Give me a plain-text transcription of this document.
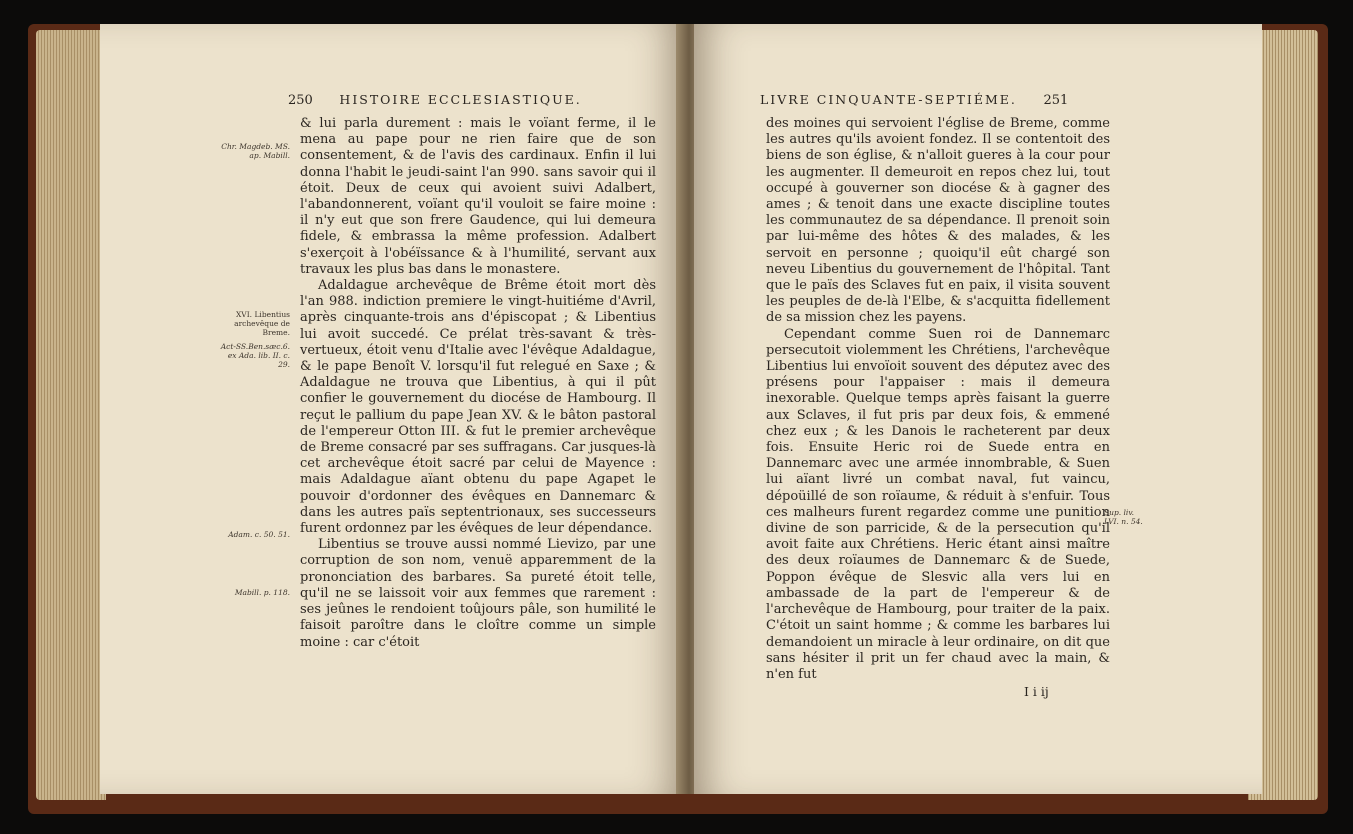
250 HISTOIRE ECCLESIASTIQUE.
Chr. Magdeb. MS. ap. Mabill.
XVI. Libentius archevêque de Breme.
Act-SS.Ben.sæc.6. ex Ada. lib. II. c. 29.
Adam. c. 50. 51.
Mabill. p. 118.

& lui parla durement : mais le voïant ferme, il le mena au pape pour ne rien faire que de son consentement, & de l'avis des cardinaux. Enfin il lui donna l'habit le jeudi-saint l'an 990. sans savoir qui il étoit. Deux de ceux qui avoient suivi Adalbert, l'abandonnerent, voïant qu'il vouloit se faire moine : il n'y eut que son frere Gaudence, qui lui demeura fidele, & embrassa la même profession. Adalbert s'exerçoit à l'obéïssance & à l'humilité, servant aux travaux les plus bas dans le monastere.

Adaldague archevêque de Brême étoit mort dès l'an 988. indiction premiere le vingt-huitiéme d'Avril, après cinquante-trois ans d'épiscopat ; & Libentius lui avoit succedé. Ce prélat très-savant & très-vertueux, étoit venu d'Italie avec l'évêque Adaldague, & le pape Benoît V. lorsqu'il fut relegué en Saxe ; & Adaldague ne trouva que Libentius, à qui il pût confier le gouvernement du diocése de Hambourg. Il reçut le pallium du pape Jean XV. & le bâton pastoral de l'empereur Otton III. & fut le premier archevêque de Breme consacré par ses suffragans. Car jusques-là cet archevêque étoit sacré par celui de Mayence : mais Adaldague aïant obtenu du pape Agapet le pouvoir d'ordonner des évêques en Dannemarc & dans les autres païs septentrionaux, ses successeurs furent ordonnez par les évêques de leur dépendance.

Libentius se trouve aussi nommé Lievizo, par une corruption de son nom, venuë apparemment de la prononciation des barbares. Sa pureté étoit telle, qu'il ne se laissoit voir aux femmes que rarement : ses jeûnes le rendoient toûjours pâle, son humilité le faisoit paroître dans le cloître comme un simple moine : car c'étoit

LIVRE CINQUANTE-SEPTIÉME. 251

des moines qui servoient l'église de Breme, comme les autres qu'ils avoient fondez. Il se contentoit des biens de son église, & n'alloit gueres à la cour pour les augmenter. Il demeuroit en repos chez lui, tout occupé à gouverner son diocése & à gagner des ames ; & tenoit dans une exacte discipline toutes les communautez de sa dépendance. Il prenoit soin par lui-même des hôtes & des malades, & les servoit en personne ; quoiqu'il eût chargé son neveu Libentius du gouvernement de l'hôpital. Tant que le païs des Sclaves fut en paix, il visita souvent les peuples de de-là l'Elbe, & s'acquitta fidellement de sa mission chez les payens.

Cependant comme Suen roi de Dannemarc persecutoit violemment les Chrétiens, l'archevêque Libentius lui envoïoit souvent des députez avec des présens pour l'appaiser : mais il demeura inexorable. Quelque temps après faisant la guerre aux Sclaves, il fut pris par deux fois, & emmené chez eux ; & les Danois le racheterent par deux fois. Ensuite Heric roi de Suede entra en Dannemarc avec une armée innombrable, & Suen lui aïant livré un combat naval, fut vaincu, dépoüillé de son roïaume, & réduit à s'enfuir. Tous ces malheurs furent regardez comme une punition divine de son parricide, & de la persecution qu'il avoit faite aux Chrétiens. Heric étant ainsi maître des deux roïaumes de Dannemarc & de Suede, Poppon évêque de Slesvic alla vers lui en ambassade de la part de l'empereur & de l'archevêque de Hambourg, pour traiter de la paix. C'étoit un saint homme ; & comme les barbares lui demandoient un miracle à leur ordinaire, on dit que sans hésiter il prit un fer chaud avec la main, & n'en fut

Sup. liv. LVI. n. 54.
I i ij
